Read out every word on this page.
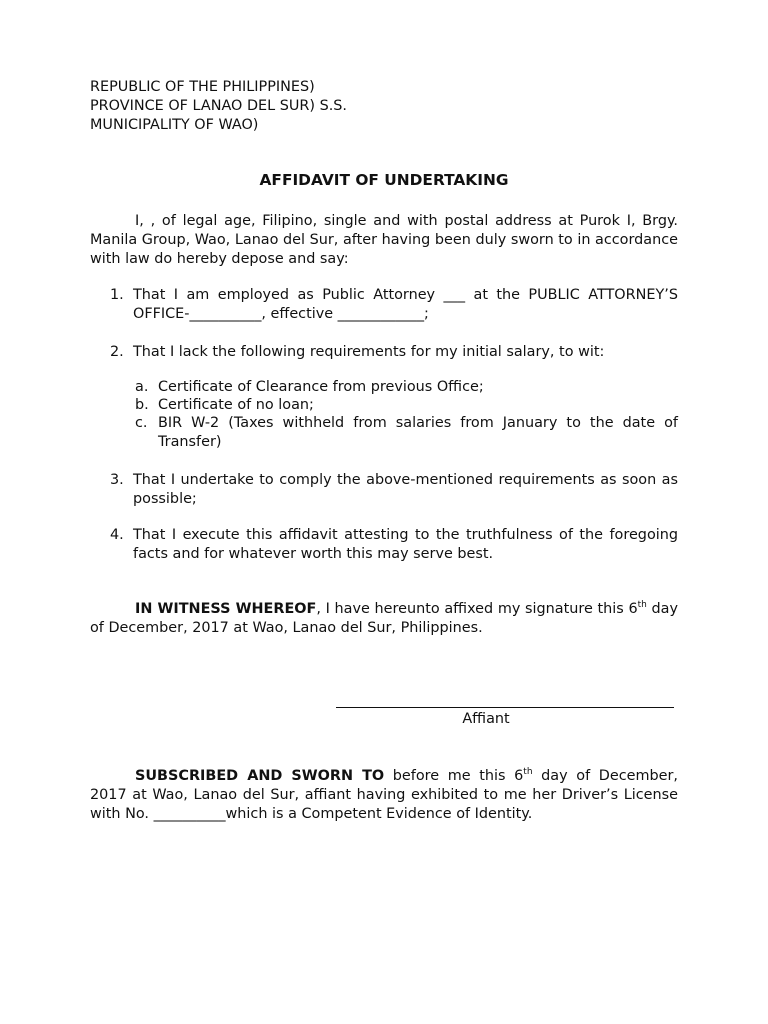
REPUBLIC OF THE PHILIPPINES)
PROVINCE OF LANAO DEL SUR) S.S.
MUNICIPALITY OF WAO)
AFFIDAVIT OF UNDERTAKING
I, , of legal age, Filipino, single and with postal address at Purok I, Brgy. Manila Group, Wao, Lanao del Sur, after having been duly sworn to in accordance with law do hereby depose and say:
1. That I am employed as Public Attorney ___ at the PUBLIC ATTORNEY’S OFFICE-__________, effective ____________;
2. That I lack the following requirements for my initial salary, to wit:
a. Certificate of Clearance from previous Office;
b. Certificate of no loan;
c. BIR W-2 (Taxes withheld from salaries from January to the date of Transfer)
3. That I undertake to comply the above-mentioned requirements as soon as possible;
4. That I execute this affidavit attesting to the truthfulness of the foregoing facts and for whatever worth this may serve best.
IN WITNESS WHEREOF, I have hereunto affixed my signature this 6th day of December, 2017 at Wao, Lanao del Sur, Philippines.
Affiant
SUBSCRIBED AND SWORN TO before me this 6th day of December, 2017 at Wao, Lanao del Sur, affiant having exhibited to me her Driver’s License with No. __________which is a Competent Evidence of Identity.
